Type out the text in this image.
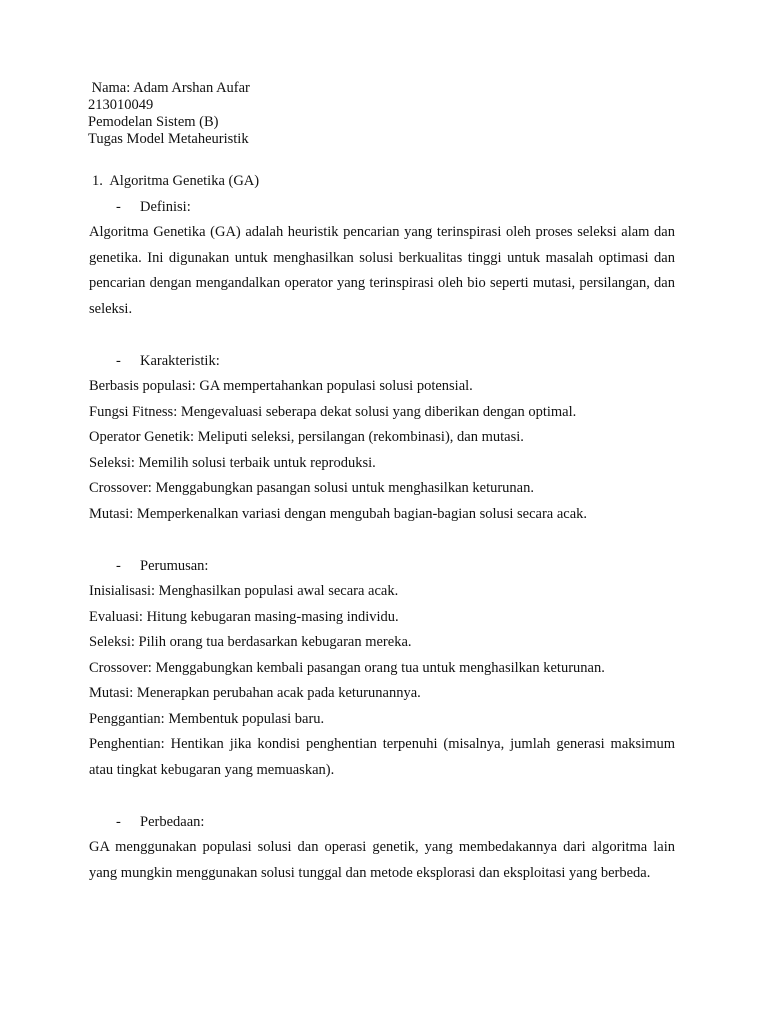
Nama: Adam Arshan Aufar
213010049
Pemodelan Sistem (B)
Tugas Model Metaheuristik
1.  Algoritma Genetika (GA)
- Definisi:
Algoritma Genetika (GA) adalah heuristik pencarian yang terinspirasi oleh proses seleksi alam dan genetika. Ini digunakan untuk menghasilkan solusi berkualitas tinggi untuk masalah optimasi dan pencarian dengan mengandalkan operator yang terinspirasi oleh bio seperti mutasi, persilangan, dan seleksi.
- Karakteristik:
Berbasis populasi: GA mempertahankan populasi solusi potensial.
Fungsi Fitness: Mengevaluasi seberapa dekat solusi yang diberikan dengan optimal.
Operator Genetik: Meliputi seleksi, persilangan (rekombinasi), dan mutasi.
Seleksi: Memilih solusi terbaik untuk reproduksi.
Crossover: Menggabungkan pasangan solusi untuk menghasilkan keturunan.
Mutasi: Memperkenalkan variasi dengan mengubah bagian-bagian solusi secara acak.
- Perumusan:
Inisialisasi: Menghasilkan populasi awal secara acak.
Evaluasi: Hitung kebugaran masing-masing individu.
Seleksi: Pilih orang tua berdasarkan kebugaran mereka.
Crossover: Menggabungkan kembali pasangan orang tua untuk menghasilkan keturunan.
Mutasi: Menerapkan perubahan acak pada keturunannya.
Penggantian: Membentuk populasi baru.
Penghentian: Hentikan jika kondisi penghentian terpenuhi (misalnya, jumlah generasi maksimum atau tingkat kebugaran yang memuaskan).
- Perbedaan:
GA menggunakan populasi solusi dan operasi genetik, yang membedakannya dari algoritma lain yang mungkin menggunakan solusi tunggal dan metode eksplorasi dan eksploitasi yang berbeda.
